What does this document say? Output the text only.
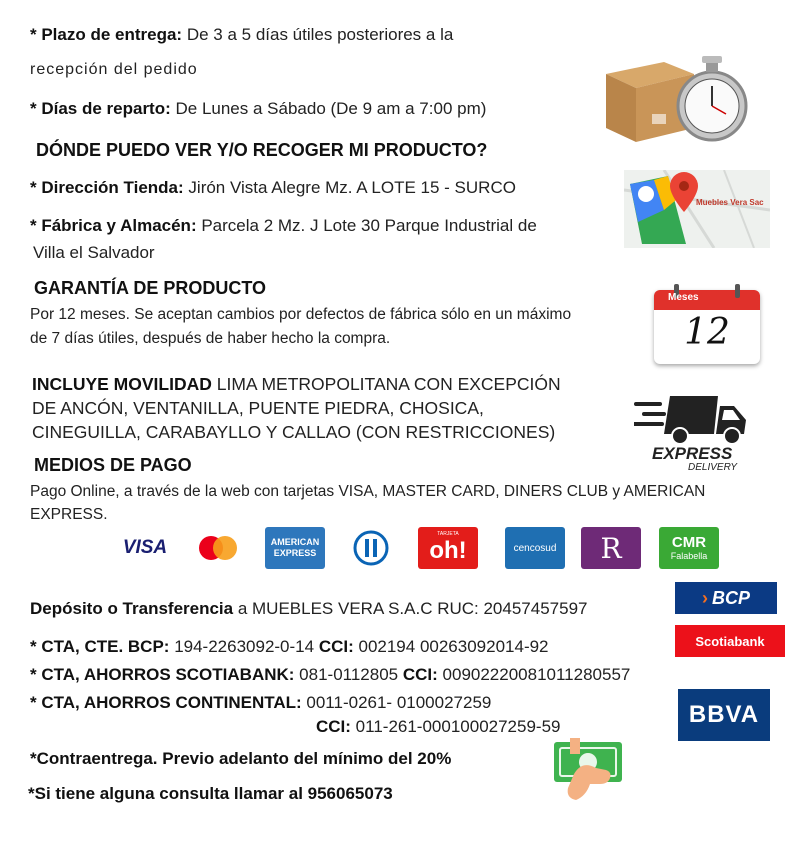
* Plazo de entrega: De 3 a 5 días útiles posteriores a la
recepción del pedido
* Días de reparto: De Lunes a Sábado (De 9 am a 7:00 pm)
DÓNDE PUEDO VER Y/O RECOGER MI PRODUCTO?
* Dirección Tienda: Jirón Vista Alegre Mz. A LOTE 15 - SURCO
* Fábrica y Almacén: Parcela 2 Mz. J Lote 30 Parque Industrial de
Villa el Salvador
Muebles Vera Sac
GARANTÍA DE PRODUCTO
Por 12 meses. Se aceptan cambios por defectos de fábrica sólo en un máximo
de 7 días útiles, después de haber hecho la compra.
Meses
12
INCLUYE MOVILIDAD LIMA METROPOLITANA CON EXCEPCIÓN
DE ANCÓN, VENTANILLA, PUENTE PIEDRA, CHOSICA,
CINEGUILLA, CARABAYLLO Y CALLAO (CON RESTRICCIONES)
EXPRESS
DELIVERY
MEDIOS DE PAGO
Pago Online, a través de la web con tarjetas VISA, MASTER CARD, DINERS CLUB y AMERICAN
EXPRESS.
VISA	AMERICAN
EXPRESS
TARJETA
oh!	cencosud R	CMR
Falabella
Depósito o Transferencia a MUEBLES VERA S.A.C RUC: 20457457597
* CTA, CTE. BCP: 194-2263092-0-14 CCI: 002194 00263092014-92
* CTA, AHORROS SCOTIABANK: 081-0112805 CCI: 00902220081011280557
* CTA, AHORROS CONTINENTAL: 0011-0261- 0100027259
CCI: 011-261-000100027259-59
› BCP
Scotiabank
BBVA
*Contraentrega. Previo adelanto del mínimo del 20%
*Si tiene alguna consulta llamar al 956065073
